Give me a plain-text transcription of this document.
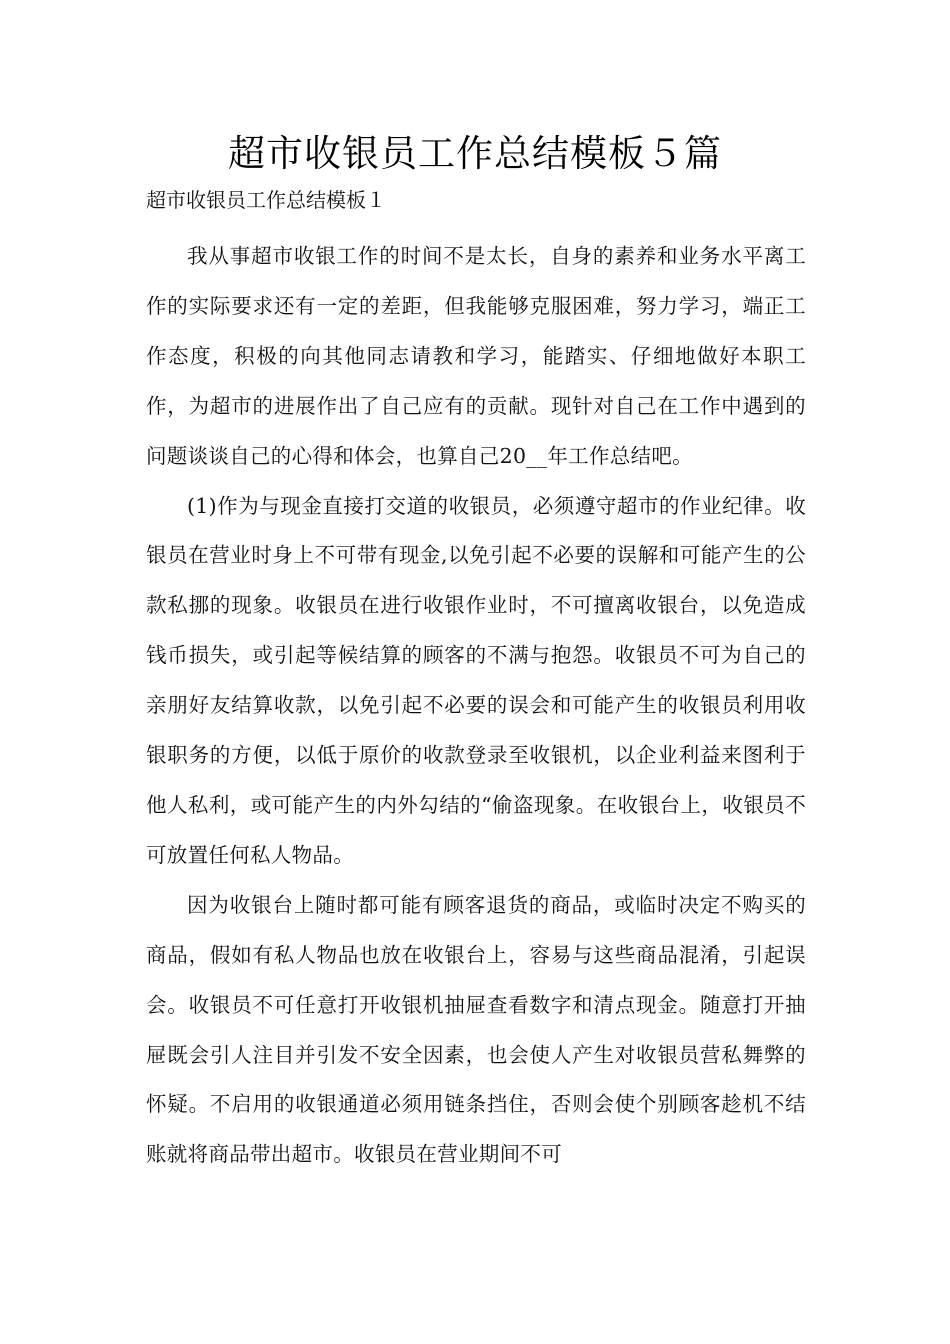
超市收银员工作总结模板５篇
超市收银员工作总结模板１

我从事超市收银工作的时间不是太长，自身的素养和业务水平离工作的实际要求还有一定的差距，但我能够克服困难，努力学习，端正工作态度，积极的向其他同志请教和学习，能踏实、仔细地做好本职工作，为超市的进展作出了自己应有的贡献。现针对自己在工作中遇到的问题谈谈自己的心得和体会，也算自己20__年工作总结吧。

(1)作为与现金直接打交道的收银员，必须遵守超市的作业纪律。收银员在营业时身上不可带有现金,以免引起不必要的误解和可能产生的公款私挪的现象。收银员在进行收银作业时，不可擅离收银台，以免造成钱币损失，或引起等候结算的顾客的不满与抱怨。收银员不可为自己的亲朋好友结算收款，以免引起不必要的误会和可能产生的收银员利用收银职务的方便，以低于原价的收款登录至收银机，以企业利益来图利于他人私利，或可能产生的内外勾结的“偷盗现象。在收银台上，收银员不可放置任何私人物品。

因为收银台上随时都可能有顾客退货的商品，或临时决定不购买的商品，假如有私人物品也放在收银台上，容易与这些商品混淆，引起误会。收银员不可任意打开收银机抽屉查看数字和清点现金。随意打开抽屉既会引人注目并引发不安全因素，也会使人产生对收银员营私舞弊的怀疑。不启用的收银通道必须用链条挡住，否则会使个别顾客趁机不结账就将商品带出超市。收银员在营业期间不可
